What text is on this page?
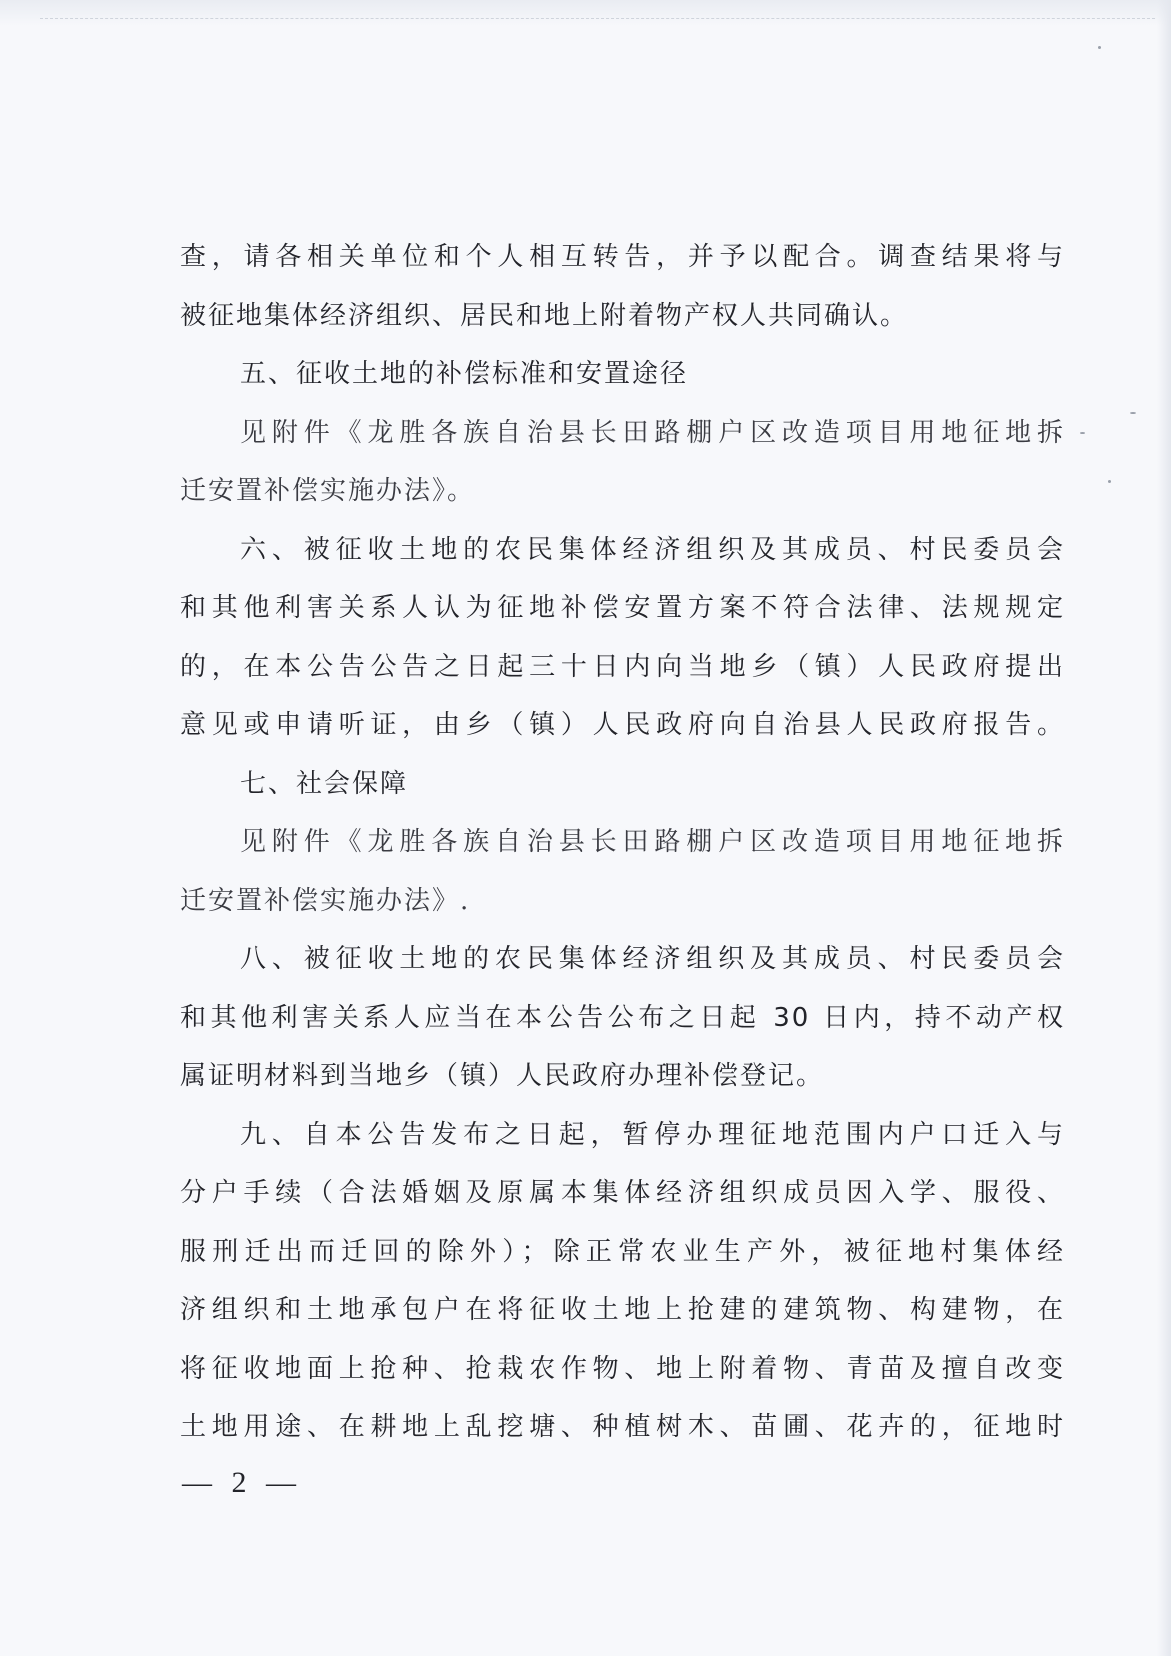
查，请各相关单位和个人相互转告，并予以配合。调查结果将与
被征地集体经济组织、居民和地上附着物产权人共同确认。
五、征收土地的补偿标准和安置途径
见附件《龙胜各族自治县长田路棚户区改造项目用地征地拆
迁安置补偿实施办法》。
六、被征收土地的农民集体经济组织及其成员、村民委员会
和其他利害关系人认为征地补偿安置方案不符合法律、法规规定
的，在本公告公告之日起三十日内向当地乡（镇）人民政府提出
意见或申请听证，由乡（镇）人民政府向自治县人民政府报告。
七、社会保障
见附件《龙胜各族自治县长田路棚户区改造项目用地征地拆
迁安置补偿实施办法》.
八、被征收土地的农民集体经济组织及其成员、村民委员会
和其他利害关系人应当在本公告公布之日起 30 日内，持不动产权
属证明材料到当地乡（镇）人民政府办理补偿登记。
九、自本公告发布之日起，暂停办理征地范围内户口迁入与
分户手续（合法婚姻及原属本集体经济组织成员因入学、服役、
服刑迁出而迁回的除外）；除正常农业生产外，被征地村集体经
济组织和土地承包户在将征收土地上抢建的建筑物、构建物，在
将征收地面上抢种、抢栽农作物、地上附着物、青苗及擅自改变
土地用途、在耕地上乱挖塘、种植树木、苗圃、花卉的，征地时
— 2 —
